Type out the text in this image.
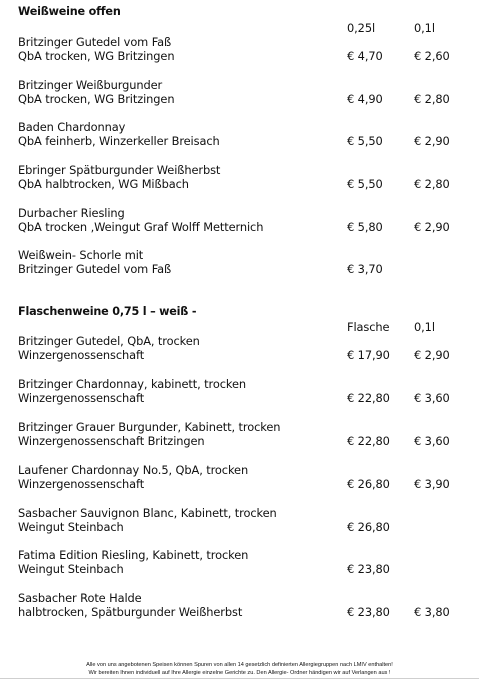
Weißweine offen
0,25l	0,1l
Britzinger Gutedel vom Faß
QbA trocken, WG Britzingen	€ 4,70	€ 2,60
Britzinger Weißburgunder
QbA trocken, WG Britzingen	€ 4,90	€ 2,80
Baden Chardonnay
QbA feinherb, Winzerkeller Breisach	€ 5,50	€ 2,90
Ebringer Spätburgunder Weißherbst
QbA halbtrocken, WG Mißbach	€ 5,50	€ 2,80
Durbacher Riesling
QbA trocken ,Weingut Graf Wolff Metternich	€ 5,80	€ 2,90
Weißwein- Schorle mit
Britzinger Gutedel vom Faß	€ 3,70
Flaschenweine 0,75 l – weiß -
Flasche 0,1l
Britzinger Gutedel, QbA, trocken
Winzergenossenschaft	€ 17,90 € 2,90
Britzinger Chardonnay, kabinett, trocken
Winzergenossenschaft	€ 22,80 € 3,60
Britzinger Grauer Burgunder, Kabinett, trocken
Winzergenossenschaft Britzingen	€ 22,80 € 3,60
Laufener Chardonnay No.5, QbA, trocken
Winzergenossenschaft	€ 26,80 € 3,90
Sasbacher Sauvignon Blanc, Kabinett, trocken
Weingut Steinbach	€ 26,80
Fatima Edition Riesling, Kabinett, trocken
Weingut Steinbach	€ 23,80
Sasbacher Rote Halde
halbtrocken, Spätburgunder Weißherbst	€ 23,80 € 3,80
Alle von uns angebotenen Speisen können Spuren von allen 14 gesetzlich definierten Allergiegruppen nach LMIV enthalten!
Wir bereiten Ihnen individuell auf Ihre Allergie einzelne Gerichte zu. Den Allergie- Ordner händigen wir auf Verlangen aus !
